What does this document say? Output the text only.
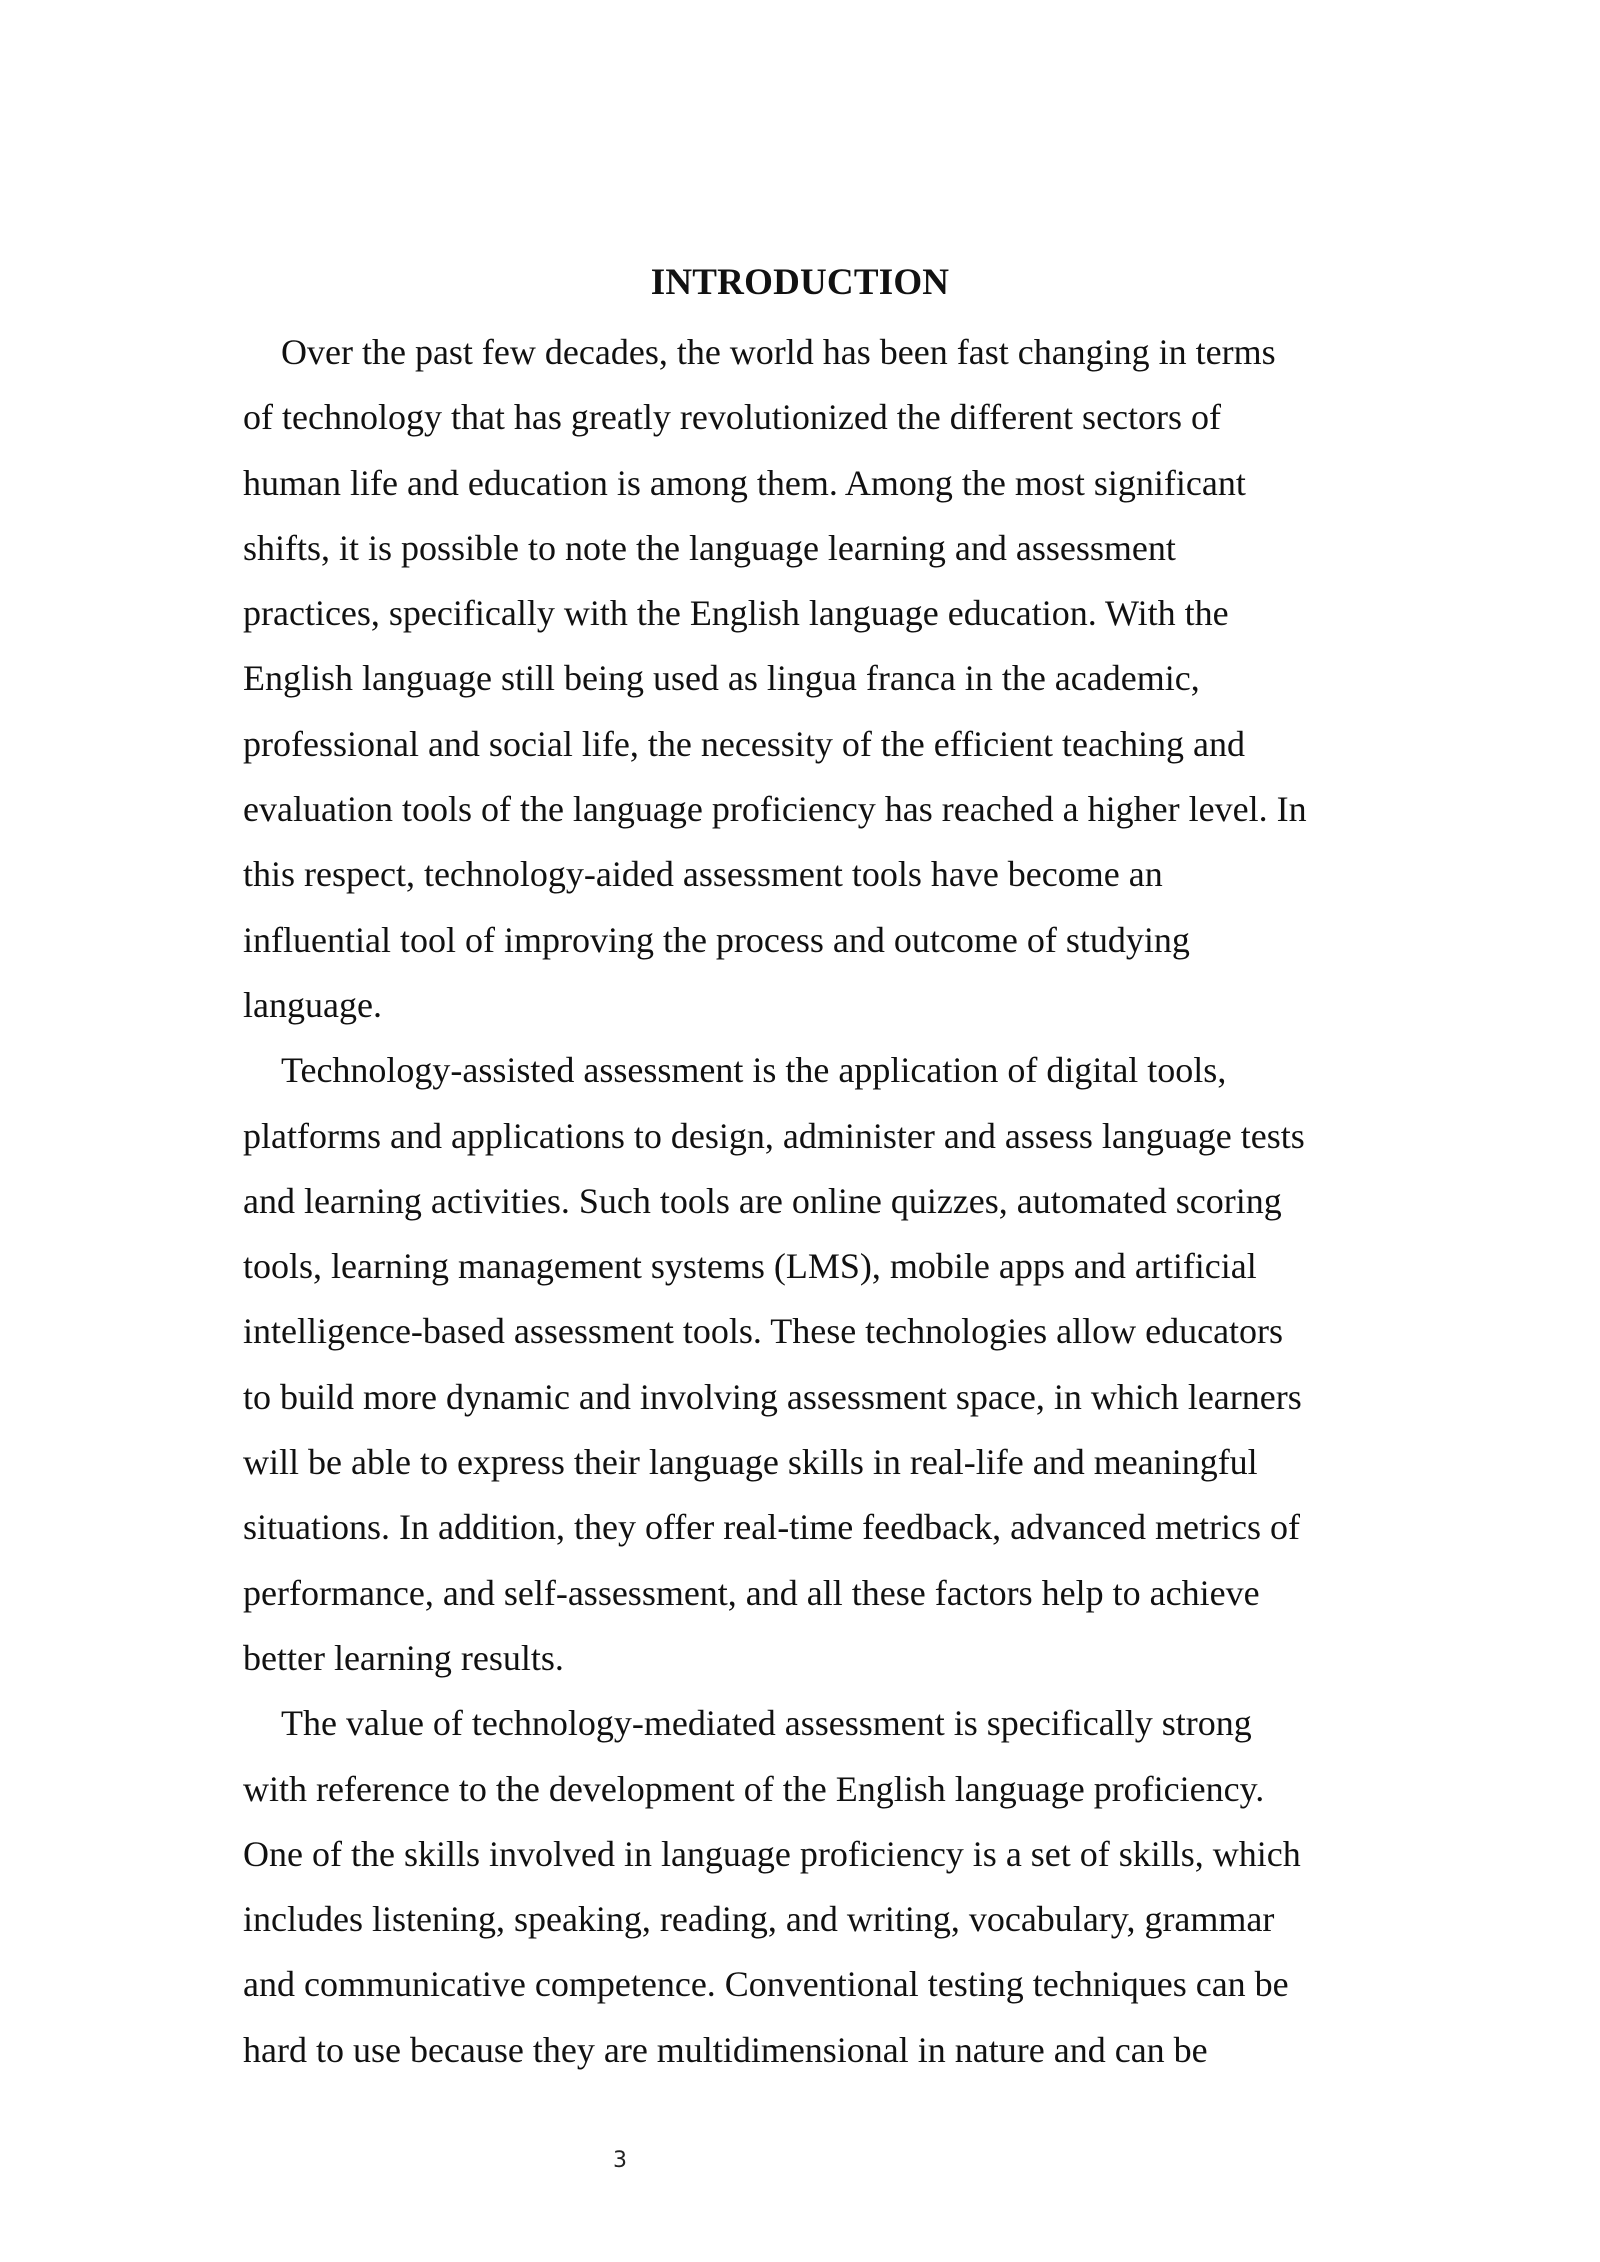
INTRODUCTION

Over the past few decades, the world has been fast changing in terms
of technology that has greatly revolutionized the different sectors of
human life and education is among them. Among the most significant
shifts, it is possible to note the language learning and assessment
practices, specifically with the English language education. With the
English language still being used as lingua franca in the academic,
professional and social life, the necessity of the efficient teaching and
evaluation tools of the language proficiency has reached a higher level. In
this respect, technology-aided assessment tools have become an
influential tool of improving the process and outcome of studying
language.

Technology-assisted assessment is the application of digital tools,
platforms and applications to design, administer and assess language tests
and learning activities. Such tools are online quizzes, automated scoring
tools, learning management systems (LMS), mobile apps and artificial
intelligence-based assessment tools. These technologies allow educators
to build more dynamic and involving assessment space, in which learners
will be able to express their language skills in real-life and meaningful
situations. In addition, they offer real-time feedback, advanced metrics of
performance, and self-assessment, and all these factors help to achieve
better learning results.

The value of technology-mediated assessment is specifically strong
with reference to the development of the English language proficiency.
One of the skills involved in language proficiency is a set of skills, which
includes listening, speaking, reading, and writing, vocabulary, grammar
and communicative competence. Conventional testing techniques can be
hard to use because they are multidimensional in nature and can be

3
